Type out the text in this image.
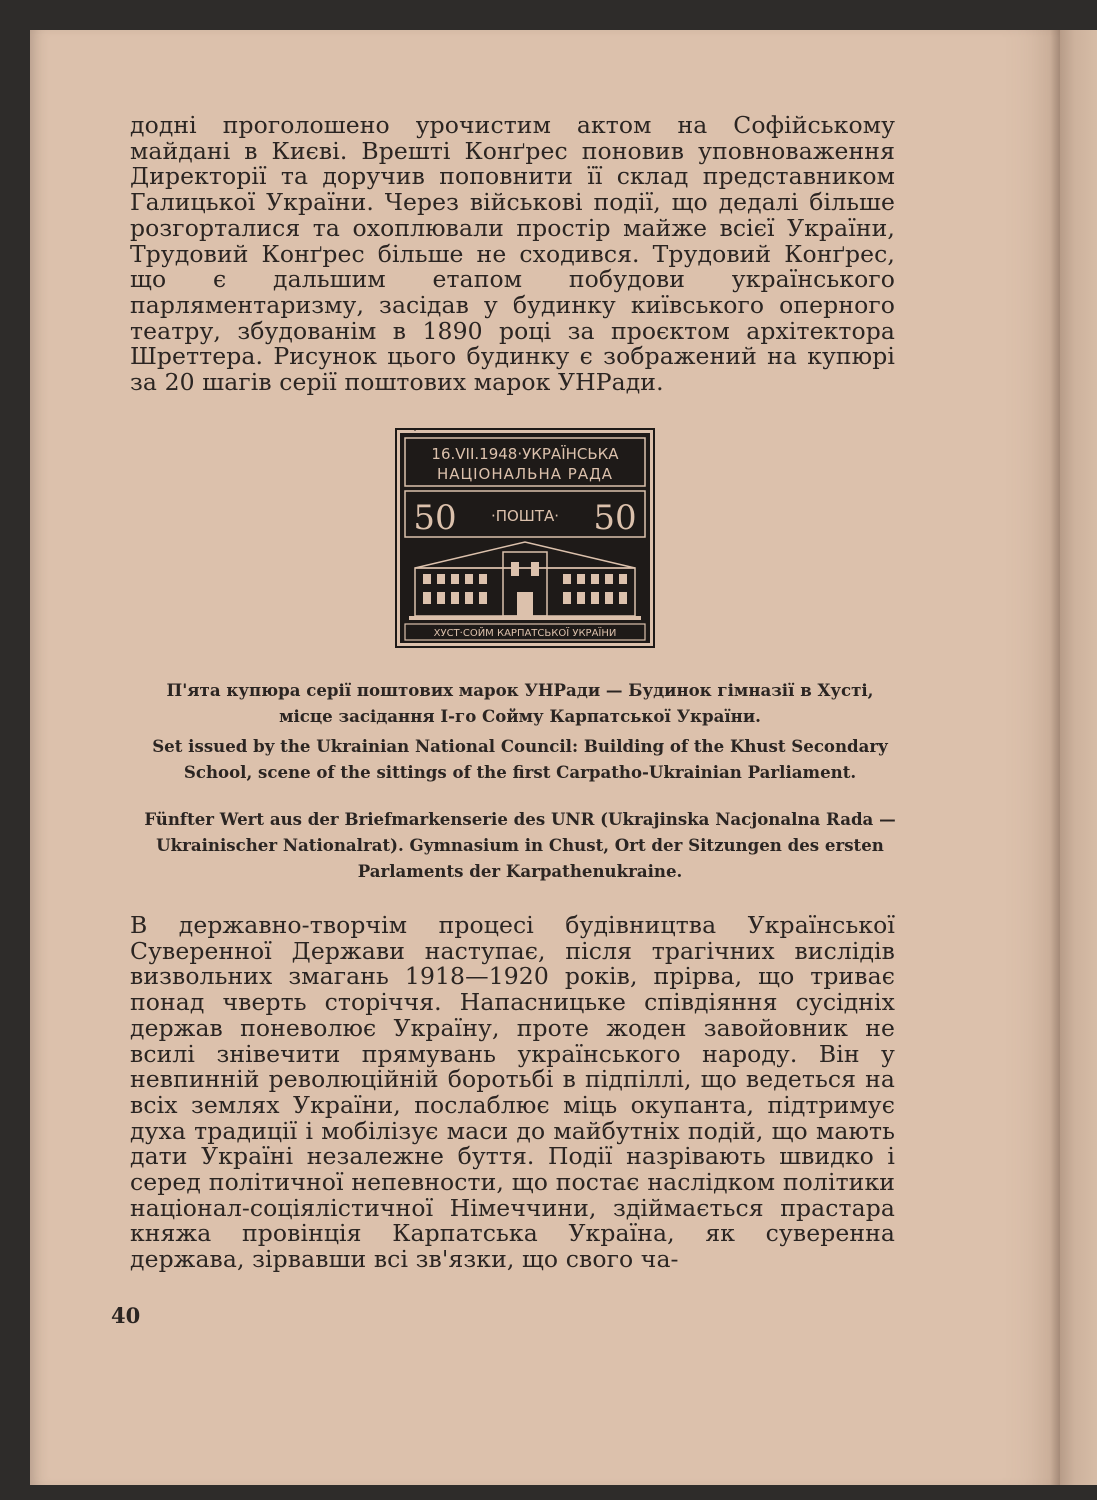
додні проголошено урочистим актом на Софійському майдані в Києві. Врешті Конґрес поновив уповноваження Директорії та доручив поповнити її склад представником Галицької України. Через військові події, що дедалі більше розгорталися та охоплювали простір майже всієї України, Трудовий Конґрес більше не сходився. Трудовий Конґрес, що є дальшим етапом побудови українського парляментаризму, засідав у будинку київського оперного театру, збудованім в 1890 році за проєктом архітектора Шреттера. Рисунок цього будинку є зображений на купюрі за 20 шагів серії поштових марок УНРади.

16.VII.1948·УКРАЇНСЬКА
НАЦІОНАЛЬНА РАДА
50 ·ПОШТА· 50
ХУСТ·СОЙМ КАРПАТСЬКОЇ УКРАЇНИ

П'ята купюра серії поштових марок УНРади — Будинок гімназії в Хусті, місце засідання І-го Сойму Карпатської України.

Set issued by the Ukrainian National Council: Building of the Khust Secondary School, scene of the sittings of the first Carpatho-Ukrainian Parliament.

Fünfter Wert aus der Briefmarkenserie des UNR (Ukrajinska Nacjonalna Rada — Ukrainischer Nationalrat). Gymnasium in Chust, Ort der Sitzungen des ersten Parlaments der Karpathenukraine.

В державно-творчім процесі будівництва Української Суверенної Держави наступає, після трагічних вислідів визвольних змагань 1918—1920 років, прірва, що триває понад чверть сторіччя. Напасницьке співдіяння сусідніх держав поневолює Україну, проте жоден завойовник не всилі знівечити прямувань українського народу. Він у невпинній революційній боротьбі в підпіллі, що ведеться на всіх землях України, послаблює міць окупанта, підтримує духа традиції і мобілізує маси до майбутніх подій, що мають дати Україні незалежне буття. Події назрівають швидко і серед політичної непевности, що постає наслідком політики націонал-соціялістичної Німеччини, здіймається прастара княжа провінція Карпатська Україна, як суверенна держава, зірвавши всі зв'язки, що свого ча-

40
